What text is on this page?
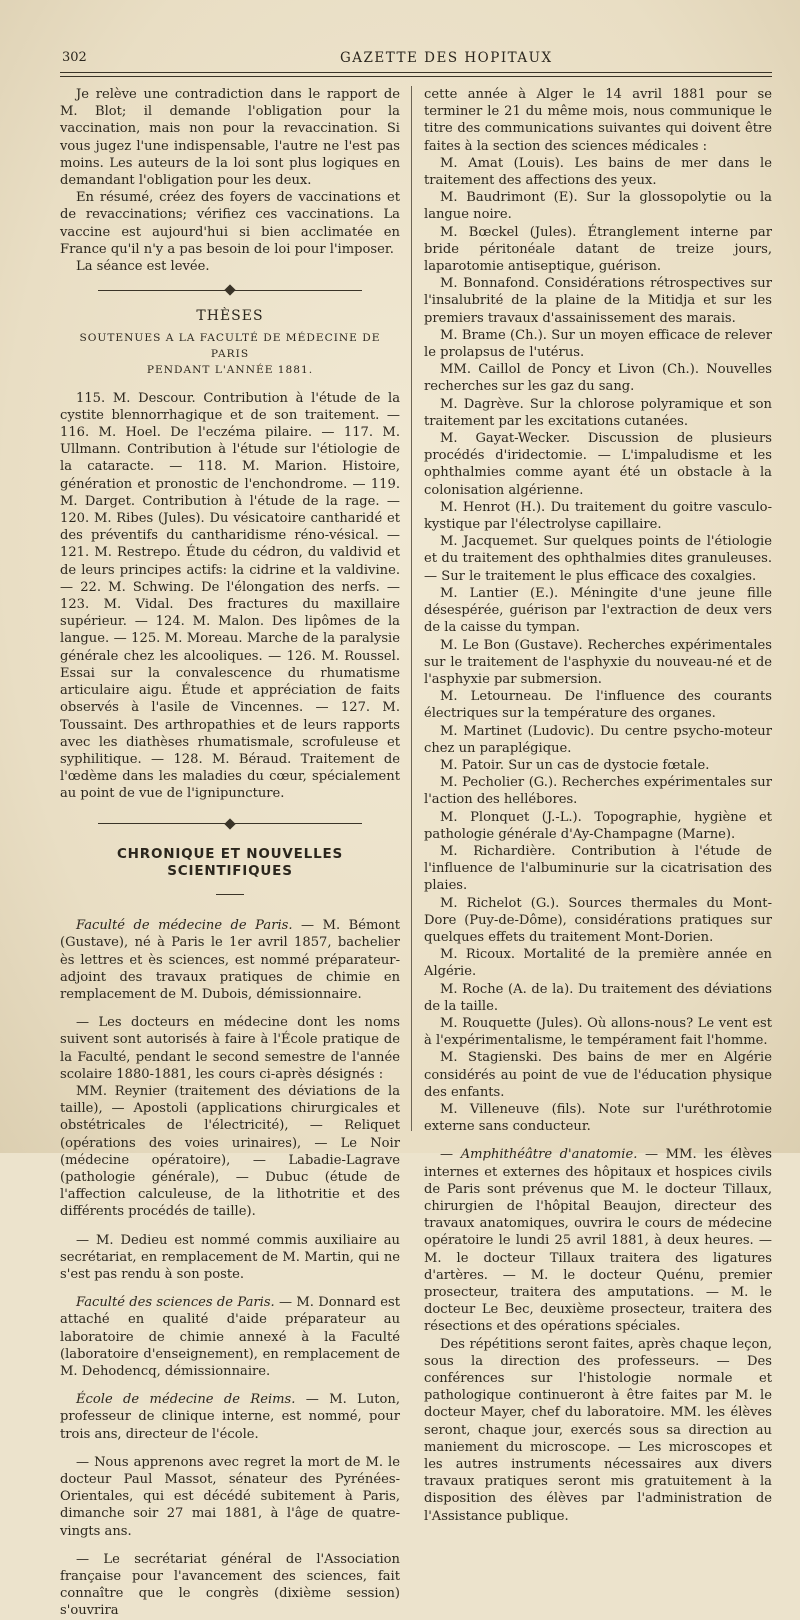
302	GAZETTE DES HOPITAUX

Je relève une contradiction dans le rapport de M. Blot; il demande l'obligation pour la vaccination, mais non pour la revaccination. Si vous jugez l'une indispensable, l'autre ne l'est pas moins. Les auteurs de la loi sont plus logiques en demandant l'obligation pour les deux.

En résumé, créez des foyers de vaccinations et de revaccinations; vérifiez ces vaccinations. La vaccine est aujourd'hui si bien acclimatée en France qu'il n'y a pas besoin de loi pour l'imposer.

La séance est levée.

THÈSES
SOUTENUES A LA FACULTÉ DE MÉDECINE DE PARIS
PENDANT L'ANNÉE 1881.

115. M. Descour. Contribution à l'étude de la cystite blennorrhagique et de son traitement. — 116. M. Hoel. De l'eczéma pilaire. — 117. M. Ullmann. Contribution à l'étude sur l'étiologie de la cataracte. — 118. M. Marion. Histoire, génération et pronostic de l'enchondrome. — 119. M. Darget. Contribution à l'étude de la rage. — 120. M. Ribes (Jules). Du vésicatoire cantharidé et des préventifs du cantharidisme réno-vésical. — 121. M. Restrepo. Étude du cédron, du valdivid et de leurs principes actifs: la cidrine et la valdivine. — 22. M. Schwing. De l'élongation des nerfs. — 123. M. Vidal. Des fractures du maxillaire supérieur. — 124. M. Malon. Des lipômes de la langue. — 125. M. Moreau. Marche de la paralysie générale chez les alcooliques. — 126. M. Roussel. Essai sur la convalescence du rhumatisme articulaire aigu. Étude et appréciation de faits observés à l'asile de Vincennes. — 127. M. Toussaint. Des arthropathies et de leurs rapports avec les diathèses rhumatismale, scrofuleuse et syphilitique. — 128. M. Béraud. Traitement de l'œdème dans les maladies du cœur, spécialement au point de vue de l'ignipuncture.

CHRONIQUE ET NOUVELLES SCIENTIFIQUES

Faculté de médecine de Paris. — M. Bémont (Gustave), né à Paris le 1er avril 1857, bachelier ès lettres et ès sciences, est nommé préparateur-adjoint des travaux pratiques de chimie en remplacement de M. Dubois, démissionnaire.

— Les docteurs en médecine dont les noms suivent sont autorisés à faire à l'École pratique de la Faculté, pendant le second semestre de l'année scolaire 1880-1881, les cours ci-après désignés :

MM. Reynier (traitement des déviations de la taille), — Apostoli (applications chirurgicales et obstétricales de l'électricité), — Reliquet (opérations des voies urinaires), — Le Noir (médecine opératoire), — Labadie-Lagrave (pathologie générale), — Dubuc (étude de l'affection calculeuse, de la lithotritie et des différents procédés de taille).

— M. Dedieu est nommé commis auxiliaire au secrétariat, en remplacement de M. Martin, qui ne s'est pas rendu à son poste.

Faculté des sciences de Paris. — M. Donnard est attaché en qualité d'aide préparateur au laboratoire de chimie annexé à la Faculté (laboratoire d'enseignement), en remplacement de M. Dehodencq, démissionnaire.

École de médecine de Reims. — M. Luton, professeur de clinique interne, est nommé, pour trois ans, directeur de l'école.

— Nous apprenons avec regret la mort de M. le docteur Paul Massot, sénateur des Pyrénées-Orientales, qui est décédé subitement à Paris, dimanche soir 27 mai 1881, à l'âge de quatre-vingts ans.

— Le secrétariat général de l'Association française pour l'avancement des sciences, fait connaître que le congrès (dixième session) s'ouvrira

cette année à Alger le 14 avril 1881 pour se terminer le 21 du même mois, nous communique le titre des communications suivantes qui doivent être faites à la section des sciences médicales :

M. Amat (Louis). Les bains de mer dans le traitement des affections des yeux.

M. Baudrimont (E). Sur la glossopolytie ou la langue noire.

M. Bœckel (Jules). Étranglement interne par bride péritonéale datant de treize jours, laparotomie antiseptique, guérison.

M. Bonnafond. Considérations rétrospectives sur l'insalubrité de la plaine de la Mitidja et sur les premiers travaux d'assainissement des marais.

M. Brame (Ch.). Sur un moyen efficace de relever le prolapsus de l'utérus.

MM. Caillol de Poncy et Livon (Ch.). Nouvelles recherches sur les gaz du sang.

M. Dagrève. Sur la chlorose polyramique et son traitement par les excitations cutanées.

M. Gayat-Wecker. Discussion de plusieurs procédés d'iridectomie. — L'impaludisme et les ophthalmies comme ayant été un obstacle à la colonisation algérienne.

M. Henrot (H.). Du traitement du goitre vasculo-kystique par l'électrolyse capillaire.

M. Jacquemet. Sur quelques points de l'étiologie et du traitement des ophthalmies dites granuleuses. — Sur le traitement le plus efficace des coxalgies.

M. Lantier (E.). Méningite d'une jeune fille désespérée, guérison par l'extraction de deux vers de la caisse du tympan.

M. Le Bon (Gustave). Recherches expérimentales sur le traitement de l'asphyxie du nouveau-né et de l'asphyxie par submersion.

M. Letourneau. De l'influence des courants électriques sur la température des organes.

M. Martinet (Ludovic). Du centre psycho-moteur chez un paraplégique.

M. Patoir. Sur un cas de dystocie fœtale.

M. Pecholier (G.). Recherches expérimentales sur l'action des hellébores.

M. Plonquet (J.-L.). Topographie, hygiène et pathologie générale d'Ay-Champagne (Marne).

M. Richardière. Contribution à l'étude de l'influence de l'albuminurie sur la cicatrisation des plaies.

M. Richelot (G.). Sources thermales du Mont-Dore (Puy-de-Dôme), considérations pratiques sur quelques effets du traitement Mont-Dorien.

M. Ricoux. Mortalité de la première année en Algérie.

M. Roche (A. de la). Du traitement des déviations de la taille.

M. Rouquette (Jules). Où allons-nous? Le vent est à l'expérimentalisme, le tempérament fait l'homme.

M. Stagienski. Des bains de mer en Algérie considérés au point de vue de l'éducation physique des enfants.

M. Villeneuve (fils). Note sur l'uréthrotomie externe sans conducteur.

— Amphithéâtre d'anatomie. — MM. les élèves internes et externes des hôpitaux et hospices civils de Paris sont prévenus que M. le docteur Tillaux, chirurgien de l'hôpital Beaujon, directeur des travaux anatomiques, ouvrira le cours de médecine opératoire le lundi 25 avril 1881, à deux heures. — M. le docteur Tillaux traitera des ligatures d'artères. — M. le docteur Quénu, premier prosecteur, traitera des amputations. — M. le docteur Le Bec, deuxième prosecteur, traitera des résections et des opérations spéciales.

Des répétitions seront faites, après chaque leçon, sous la direction des professeurs. — Des conférences sur l'histologie normale et pathologique continueront à être faites par M. le docteur Mayer, chef du laboratoire. MM. les élèves seront, chaque jour, exercés sous sa direction au maniement du microscope. — Les microscopes et les autres instruments nécessaires aux divers travaux pratiques seront mis gratuitement à la disposition des élèves par l'administration de l'Assistance publique.
